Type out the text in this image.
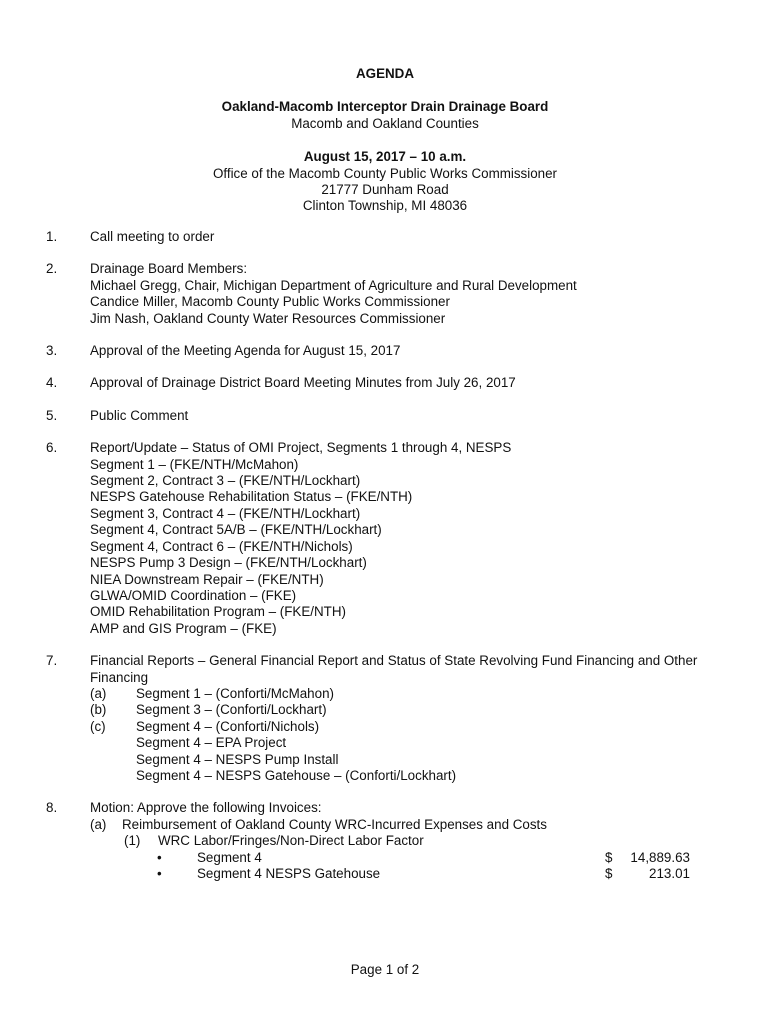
AGENDA
Oakland-Macomb Interceptor Drain Drainage Board
Macomb and Oakland Counties
August 15, 2017 – 10 a.m.
Office of the Macomb County Public Works Commissioner
21777 Dunham Road
Clinton Township, MI 48036
1.	Call meeting to order
2.	Drainage Board Members:
Michael Gregg, Chair, Michigan Department of Agriculture and Rural Development
Candice Miller, Macomb County Public Works Commissioner
Jim Nash, Oakland County Water Resources Commissioner
3.	Approval of the Meeting Agenda for August 15, 2017
4.	Approval of Drainage District Board Meeting Minutes from July 26, 2017
5.	Public Comment
6.	Report/Update – Status of OMI Project, Segments 1 through 4, NESPS
Segment 1 – (FKE/NTH/McMahon)
Segment 2, Contract 3 – (FKE/NTH/Lockhart)
NESPS Gatehouse Rehabilitation Status – (FKE/NTH)
Segment 3, Contract 4 – (FKE/NTH/Lockhart)
Segment 4, Contract 5A/B – (FKE/NTH/Lockhart)
Segment 4, Contract 6 – (FKE/NTH/Nichols)
NESPS Pump 3 Design – (FKE/NTH/Lockhart)
NIEA Downstream Repair – (FKE/NTH)
GLWA/OMID Coordination – (FKE)
OMID Rehabilitation Program – (FKE/NTH)
AMP and GIS Program – (FKE)
7.	Financial Reports – General Financial Report and Status of State Revolving Fund Financing and Other
Financing
(a)	Segment 1 – (Conforti/McMahon)
(b)	Segment 3 – (Conforti/Lockhart)
(c)	Segment 4 – (Conforti/Nichols)
Segment 4 – EPA Project
Segment 4 – NESPS Pump Install
Segment 4 – NESPS Gatehouse – (Conforti/Lockhart)
8.	Motion: Approve the following Invoices:
(a)	Reimbursement of Oakland County WRC-Incurred Expenses and Costs
(1)	WRC Labor/Fringes/Non-Direct Labor Factor
•	Segment 4	$	14,889.63
•	Segment 4 NESPS Gatehouse	$	213.01
Page 1 of 2
